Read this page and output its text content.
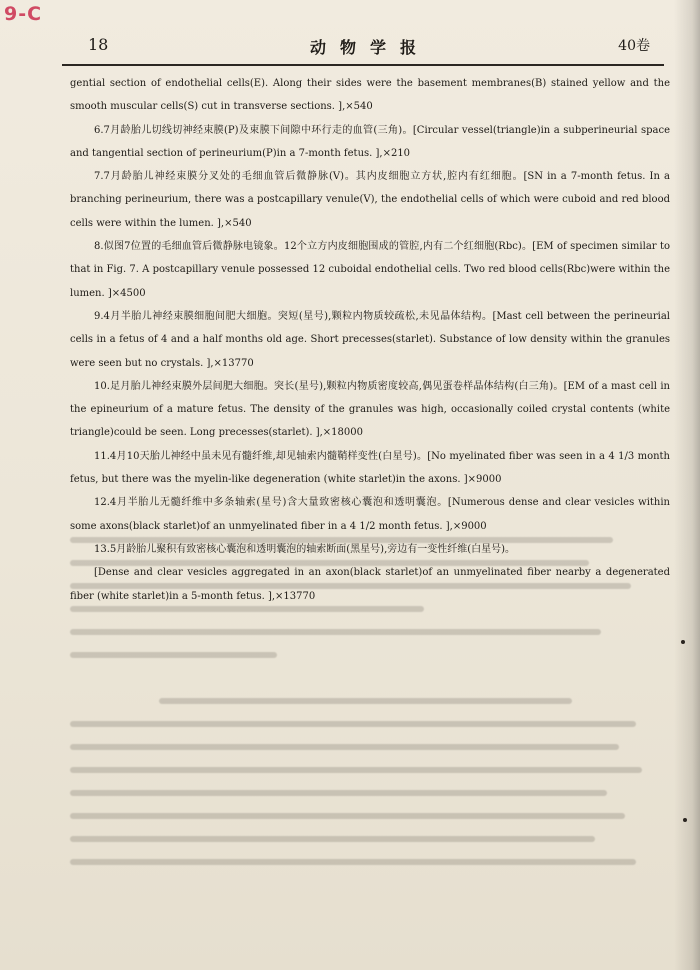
9-C
18	动物学报	40卷

gential section of endothelial cells(E). Along their sides were the basement membranes(B) stained yellow and the smooth muscular cells(S) cut in transverse sections. ],×540

6.7月龄胎儿切线切神经束膜(P)及束膜下间隙中环行走的血管(三角)。[Circular vessel(triangle)in a subperineurial space and tangential section of perineurium(P)in a 7-month fetus. ],×210

7.7月龄胎儿神经束膜分叉处的毛细血管后微静脉(V)。其内皮细胞立方状,腔内有红细胞。[SN in a 7-month fetus. In a branching perineurium, there was a postcapillary venule(V), the endothelial cells of which were cuboid and red blood cells were within the lumen. ],×540

8.似图7位置的毛细血管后微静脉电镜象。12个立方内皮细胞围成的管腔,内有二个红细胞(Rbc)。[EM of specimen similar to that in Fig. 7. A postcapillary venule possessed 12 cuboidal endothelial cells. Two red blood cells(Rbc)were within the lumen. ]×4500

9.4月半胎儿神经束膜细胞间肥大细胞。突短(星号),颗粒内物质较疏松,未见晶体结构。[Mast cell between the perineurial cells in a fetus of 4 and a half months old age. Short precesses(starlet). Substance of low density within the granules were seen but no crystals. ],×13770

10.足月胎儿神经束膜外层间肥大细胞。突长(星号),颗粒内物质密度较高,偶见蛋卷样晶体结构(白三角)。[EM of a mast cell in the epineurium of a mature fetus. The density of the granules was high, occasionally coiled crystal contents (white triangle)could be seen. Long precesses(starlet). ],×18000

11.4月10天胎儿神经中虽未见有髓纤维,却见轴索内髓鞘样变性(白星号)。[No myelinated fiber was seen in a 4 1/3 month fetus, but there was the myelin-like degeneration (white starlet)in the axons. ]×9000

12.4月半胎儿无髓纤维中多条轴索(星号)含大量致密核心囊泡和透明囊泡。[Numerous dense and clear vesicles within some axons(black starlet)of an unmyelinated fiber in a 4 1/2 month fetus. ],×9000

13.5月龄胎儿聚积有致密核心囊泡和透明囊泡的轴索断面(黑星号),旁边有一变性纤维(白星号)。

[Dense and clear vesicles aggregated in an axon(black starlet)of an unmyelinated fiber nearby a degenerated fiber (white starlet)in a 5-month fetus. ],×13770
